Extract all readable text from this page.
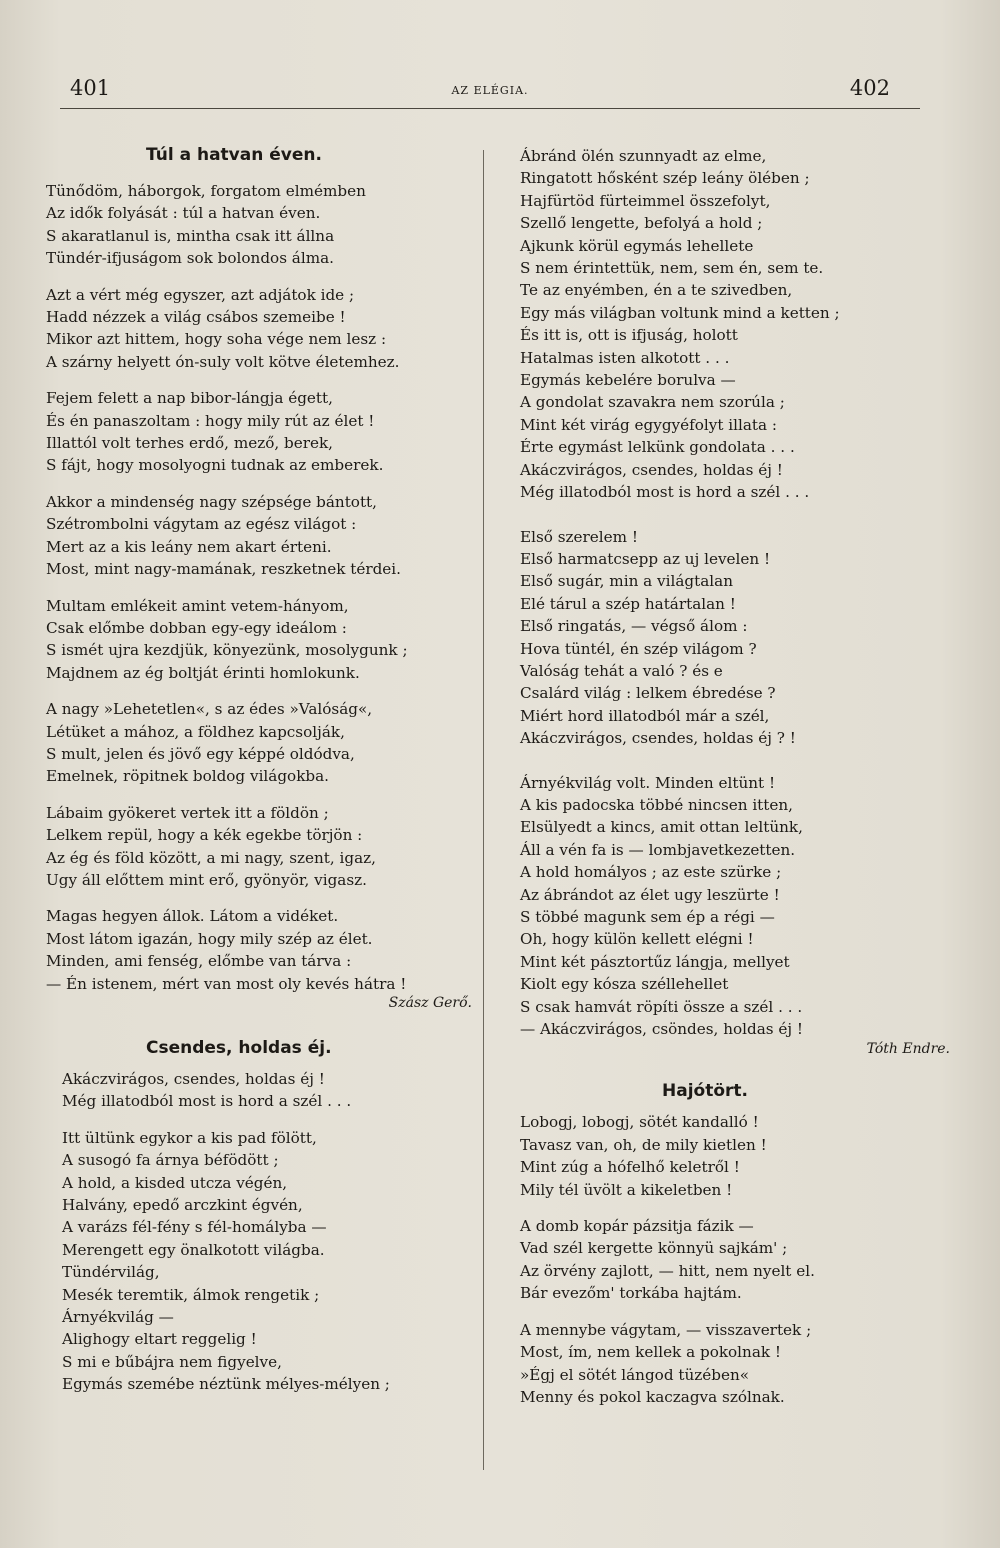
401	AZ ELÉGIA.	402
Túl a hatvan éven.
Tünődöm, háborgok, forgatom elmémben
Az idők folyását : túl a hatvan éven.
S akaratlanul is, mintha csak itt állna
Tündér-ifjuságom sok bolondos álma.
Azt a vért még egyszer, azt adjátok ide ;
Hadd nézzek a világ csábos szemeibe !
Mikor azt hittem, hogy soha vége nem lesz :
A szárny helyett ón-suly volt kötve életemhez.
Fejem felett a nap bibor-lángja égett,
És én panaszoltam : hogy mily rút az élet !
Illattól volt terhes erdő, mező, berek,
S fájt, hogy mosolyogni tudnak az emberek.
Akkor a mindenség nagy szépsége bántott,
Szétrombolni vágytam az egész világot :
Mert az a kis leány nem akart érteni.
Most, mint nagy-mamának, reszketnek térdei.
Multam emlékeit amint vetem-hányom,
Csak előmbe dobban egy-egy ideálom :
S ismét ujra kezdjük, könyezünk, mosolygunk ;
Majdnem az ég boltját érinti homlokunk.
A nagy »Lehetetlen«, s az édes »Valóság«,
Létüket a mához, a földhez kapcsolják,
S mult, jelen és jövő egy képpé oldódva,
Emelnek, röpitnek boldog világokba.
Lábaim gyökeret vertek itt a földön ;
Lelkem repül, hogy a kék egekbe törjön :
Az ég és föld között, a mi nagy, szent, igaz,
Ugy áll előttem mint erő, gyönyör, vigasz.
Magas hegyen állok. Látom a vidéket.
Most látom igazán, hogy mily szép az élet.
Minden, ami fenség, előmbe van tárva :
— Én istenem, mért van most oly kevés hátra !
Szász Gerő.
Csendes, holdas éj.
Akáczvirágos, csendes, holdas éj !
Még illatodból most is hord a szél . . .
Itt ültünk egykor a kis pad fölött,
A susogó fa árnya béfödött ;
A hold, a kisded utcza végén,
Halvány, epedő arczkint égvén,
A varázs fél-fény s fél-homályba —
Merengett egy önalkotott világba.
Tündérvilág,
Mesék teremtik, álmok rengetik ;
Árnyékvilág —
Alighogy eltart reggelig !
S mi e bűbájra nem figyelve,
Egymás szemébe néztünk mélyes-mélyen ;
Ábránd ölén szunnyadt az elme,
Ringatott hősként szép leány ölében ;
Hajfürtöd fürteimmel összefolyt,
Szellő lengette, befolyá a hold ;
Ajkunk körül egymás lehellete
S nem érintettük, nem, sem én, sem te.
Te az enyémben, én a te szivedben,
Egy más világban voltunk mind a ketten ;
És itt is, ott is ifjuság, holott
Hatalmas isten alkotott . . .
Egymás kebelére borulva —
A gondolat szavakra nem szorúla ;
Mint két virág egygyéfolyt illata :
Érte egymást lelkünk gondolata . . .
Akáczvirágos, csendes, holdas éj !
Még illatodból most is hord a szél . . .
Első szerelem !
Első harmatcsepp az uj levelen !
Első sugár, min a világtalan
Elé tárul a szép határtalan !
Első ringatás, — végső álom :
Hova tüntél, én szép világom ?
Valóság tehát a való ? és e
Csalárd világ : lelkem ébredése ?
Miért hord illatodból már a szél,
Akáczvirágos, csendes, holdas éj ? !
Árnyékvilág volt. Minden eltünt !
A kis padocska többé nincsen itten,
Elsülyedt a kincs, amit ottan leltünk,
Áll a vén fa is — lombjavetkezetten.
A hold homályos ; az este szürke ;
Az ábrándot az élet ugy leszürte !
S többé magunk sem ép a régi —
Oh, hogy külön kellett elégni !
Mint két pásztortűz lángja, mellyet
Kiolt egy kósza széllehellet
S csak hamvát röpíti össze a szél . . .
— Akáczvirágos, csöndes, holdas éj !
Tóth Endre.
Hajótört.
Lobogj, lobogj, sötét kandalló !
Tavasz van, oh, de mily kietlen !
Mint zúg a hófelhő keletről !
Mily tél üvölt a kikeletben !
A domb kopár pázsitja fázik —
Vad szél kergette könnyü sajkám' ;
Az örvény zajlott, — hitt, nem nyelt el.
Bár evezőm' torkába hajtám.
A mennybe vágytam, — visszavertek ;
Most, ím, nem kellek a pokolnak !
»Égj el sötét lángod tüzében«
Menny és pokol kaczagva szólnak.
